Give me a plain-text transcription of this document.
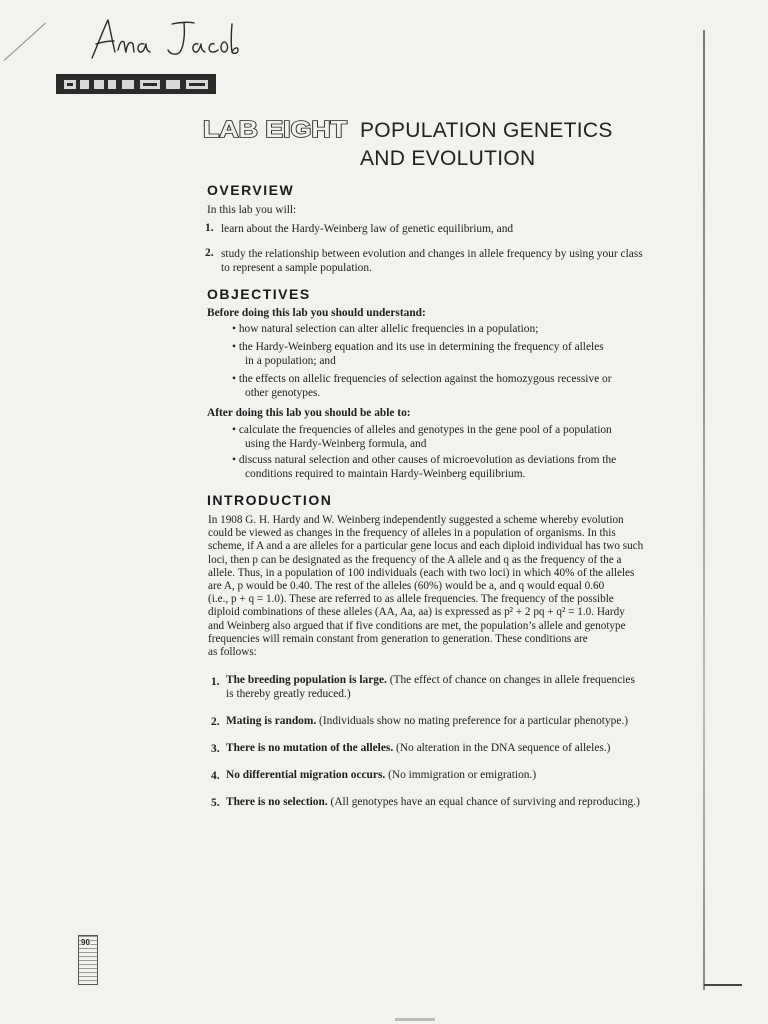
LAB EIGHT POPULATION GENETICS
AND EVOLUTION
OVERVIEW
In this lab you will:
1. learn about the Hardy-Weinberg law of genetic equilibrium, and
2. study the relationship between evolution and changes in allele frequency by using your class
to represent a sample population.
OBJECTIVES
Before doing this lab you should understand:
• how natural selection can alter allelic frequencies in a population;
• the Hardy-Weinberg equation and its use in determining the frequency of alleles
in a population; and
• the effects on allelic frequencies of selection against the homozygous recessive or
other genotypes.
After doing this lab you should be able to:
• calculate the frequencies of alleles and genotypes in the gene pool of a population
using the Hardy-Weinberg formula, and
• discuss natural selection and other causes of microevolution as deviations from the
conditions required to maintain Hardy-Weinberg equilibrium.
INTRODUCTION
In 1908 G. H. Hardy and W. Weinberg independently suggested a scheme whereby evolution
could be viewed as changes in the frequency of alleles in a population of organisms. In this
scheme, if A and a are alleles for a particular gene locus and each diploid individual has two such
loci, then p can be designated as the frequency of the A allele and q as the frequency of the a
allele. Thus, in a population of 100 individuals (each with two loci) in which 40% of the alleles
are A, p would be 0.40. The rest of the alleles (60%) would be a, and q would equal 0.60
(i.e., p + q = 1.0). These are referred to as allele frequencies. The frequency of the possible
diploid combinations of these alleles (AA, Aa, aa) is expressed as p² + 2 pq + q² = 1.0. Hardy
and Weinberg also argued that if five conditions are met, the population’s allele and genotype
frequencies will remain constant from generation to generation. These conditions are
as follows:
1. The breeding population is large. (The effect of chance on changes in allele frequencies
is thereby greatly reduced.)
2. Mating is random. (Individuals show no mating preference for a particular phenotype.)
3. There is no mutation of the alleles. (No alteration in the DNA sequence of alleles.)
4. No differential migration occurs. (No immigration or emigration.)
5. There is no selection. (All genotypes have an equal chance of surviving and reproducing.)
90
